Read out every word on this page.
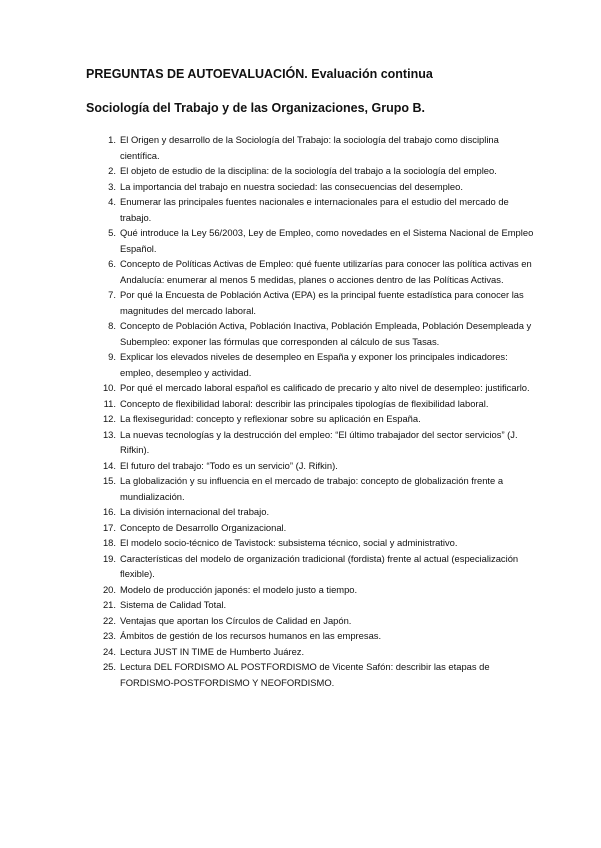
PREGUNTAS DE AUTOEVALUACIÓN. Evaluación continua
Sociología del Trabajo y de las Organizaciones, Grupo B.
1. El Origen y desarrollo de la Sociología del Trabajo: la sociología del trabajo como disciplina científica.
2. El objeto de estudio de la disciplina: de la sociología del trabajo a la sociología del empleo.
3. La importancia del trabajo en nuestra sociedad: las consecuencias del desempleo.
4. Enumerar las principales fuentes nacionales e internacionales para el estudio del mercado de trabajo.
5. Qué introduce la Ley 56/2003, Ley de Empleo, como novedades en el Sistema Nacional de Empleo Español.
6. Concepto de Políticas Activas de Empleo: qué fuente utilizarías para conocer las política activas en Andalucía: enumerar al menos 5 medidas, planes o acciones dentro de las Políticas Activas.
7. Por qué la Encuesta de Población Activa (EPA) es la principal fuente estadística para conocer las magnitudes del mercado laboral.
8. Concepto de Población Activa, Población Inactiva, Población Empleada, Población Desempleada y Subempleo: exponer las fórmulas que corresponden al cálculo de sus Tasas.
9. Explicar los elevados niveles de desempleo en España y exponer los principales indicadores: empleo, desempleo y actividad.
10. Por qué el mercado laboral español es calificado de precario y alto nivel de desempleo: justificarlo.
11. Concepto de flexibilidad laboral: describir las principales tipologías de flexibilidad laboral.
12. La flexiseguridad: concepto y reflexionar sobre su aplicación en España.
13. La nuevas tecnologías y la destrucción del empleo: “El último trabajador del sector servicios” (J. Rifkin).
14. El futuro del trabajo: “Todo es un servicio” (J. Rifkin).
15. La globalización y su influencia en el mercado de trabajo: concepto de globalización frente a mundialización.
16. La división internacional del trabajo.
17. Concepto de Desarrollo Organizacional.
18. El modelo socio-técnico de Tavistock: subsistema técnico, social y administrativo.
19. Características del modelo de organización tradicional (fordista) frente al actual (especialización flexible).
20. Modelo de producción japonés: el modelo justo a tiempo.
21. Sistema de Calidad Total.
22. Ventajas que aportan los Círculos de Calidad en Japón.
23. Ámbitos de gestión de los recursos humanos en las empresas.
24. Lectura JUST IN TIME de Humberto Juárez.
25. Lectura DEL FORDISMO AL POSTFORDISMO de Vicente Safón: describir las etapas de FORDISMO-POSTFORDISMO Y NEOFORDISMO.
